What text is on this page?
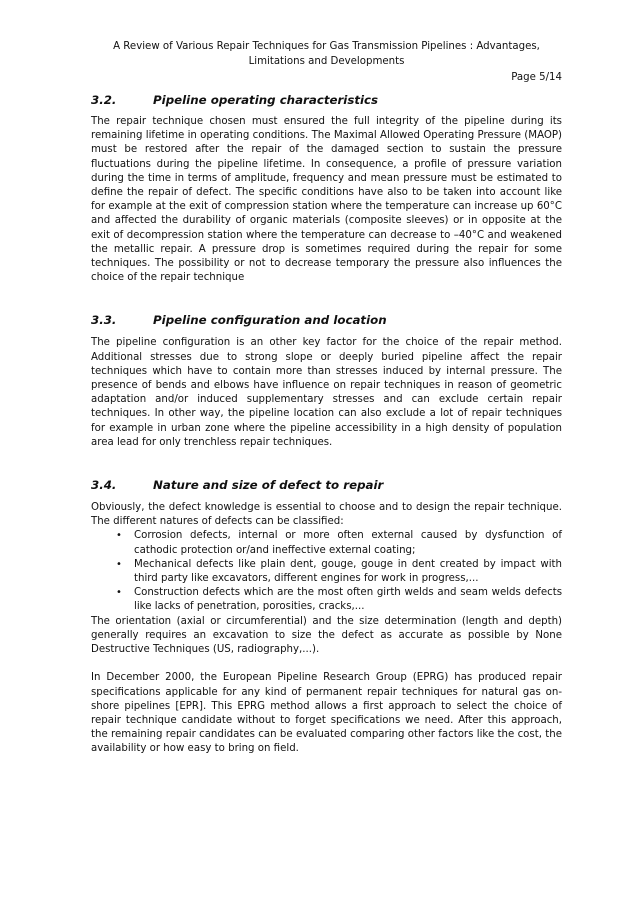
A Review of Various Repair Techniques for Gas Transmission Pipelines : Advantages, Limitations and Developments

Page 5/14
3.2.	Pipeline operating characteristics

The repair technique chosen must ensured the full integrity of the pipeline during its remaining lifetime in operating conditions. The Maximal Allowed Operating Pressure (MAOP) must be restored after the repair of the damaged section to sustain the pressure fluctuations during the pipeline lifetime. In consequence, a profile of pressure variation during the time in terms of amplitude, frequency and mean pressure must be estimated to define the repair of defect. The specific conditions have also to be taken into account like for example at the exit of compression station where the temperature can increase up 60°C and affected the durability of organic materials (composite sleeves) or in opposite at the exit of decompression station where the temperature can decrease to –40°C and weakened the metallic repair. A pressure drop is sometimes required during the repair for some techniques. The possibility or not to decrease temporary the pressure also influences the choice of the repair technique

3.3.	Pipeline configuration and location

The pipeline configuration is an other key factor for the choice of the repair method. Additional stresses due to strong slope or deeply buried pipeline affect the repair techniques which have to contain more than stresses induced by internal pressure. The presence of bends and elbows have influence on repair techniques in reason of geometric adaptation and/or induced supplementary stresses and can exclude certain repair techniques. In other way, the pipeline location can also exclude a lot of repair techniques for example in urban zone where the pipeline accessibility in a high density of population area lead for only trenchless repair techniques.

3.4.	Nature and size of defect to repair

Obviously, the defect knowledge is essential to choose and to design the repair technique. The different natures of defects can be classified:

• Corrosion defects, internal or more often external caused by dysfunction of cathodic protection or/and ineffective external coating;
• Mechanical defects like plain dent, gouge, gouge in dent created by impact with third party like excavators, different engines for work in progress,...
• Construction defects which are the most often girth welds and seam welds defects like lacks of penetration, porosities, cracks,...

The orientation (axial or circumferential) and the size determination (length and depth) generally requires an excavation to size the defect as accurate as possible by None Destructive Techniques (US, radiography,...).

In December 2000, the European Pipeline Research Group (EPRG) has produced repair specifications applicable for any kind of permanent repair techniques for natural gas on-shore pipelines [EPR]. This EPRG method allows a first approach to select the choice of repair technique candidate without to forget specifications we need. After this approach, the remaining repair candidates can be evaluated comparing other factors like the cost, the availability or how easy to bring on field.
